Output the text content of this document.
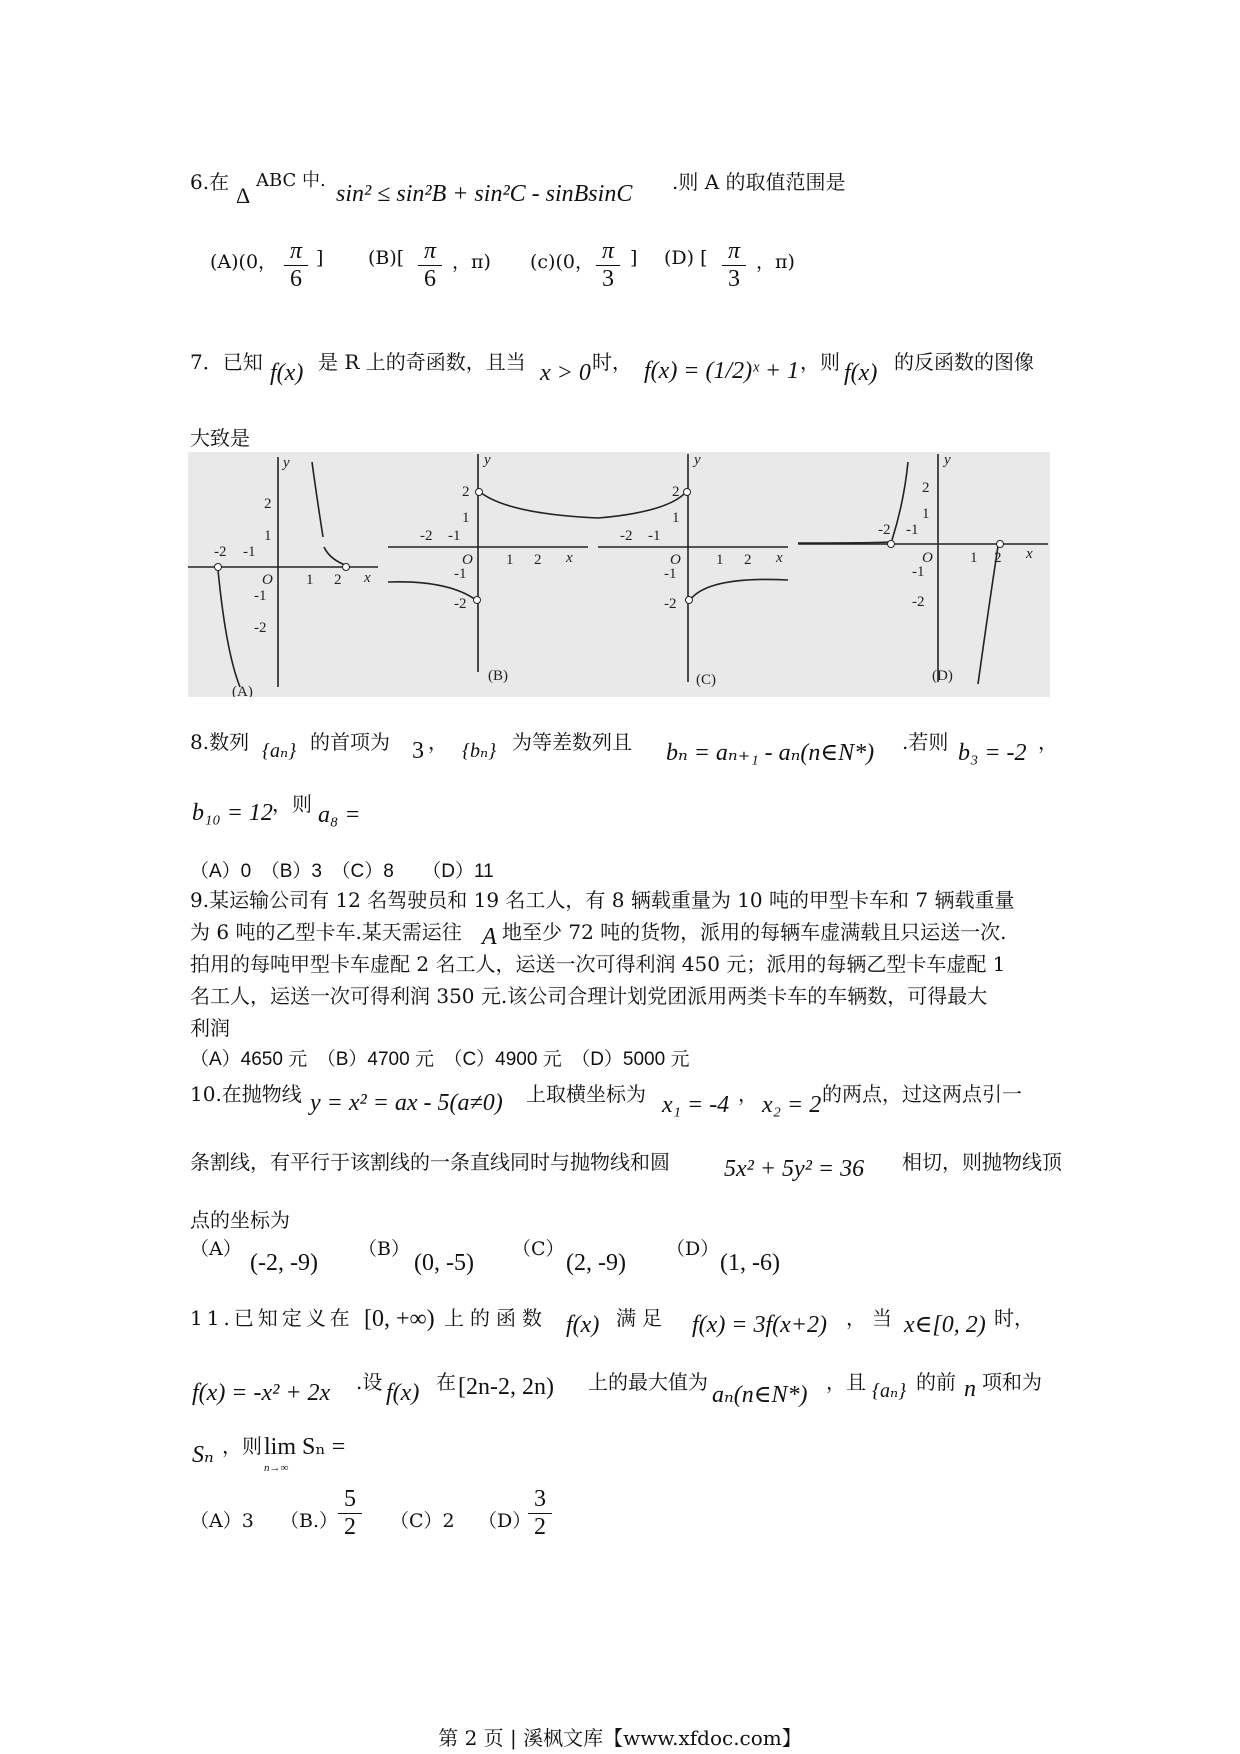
6.在
Δ
ABC 中.
sin² ≤ sin²B + sin²C - sinBsinC .则 A 的取值范围是
(A)(0， $\frac{\pi}{6}$ ] $(B)[ \frac{\pi}{6}$ ，π) (c)(0， $\frac{\pi}{3}$ ] (D) [ $\frac{\pi}{3}$ ，π)
7．已知 f(x) 是 R 上的奇函数，且当 x > 0 时， f(x) = (1/2)ˣ + 1 ，则 f(x) 的反函数的图像
大致是
-2 -1
O 1 2 x
y
2
1
-1
-2
(A)
-2 -1
O 1 2 x
y
2
1
-1
-2
(B)
-2 -1
O 1 2 x
y
2
1
-1
-2
(C)
-2 -1
O 1 2 x
y
2
1
-1
-2
(D)
8.数列 {aₙ} 的首项为 3 ， {bₙ} 为等差数列且 bₙ = aₙ₊₁ - aₙ(n∈N*) .若则 b₃ = -2 ，
b₁₀ = 12 ，则 a₈ =
（A）0　（B）3　（C）8　　（D）11
9.某运输公司有 12 名驾驶员和 19 名工人，有 8 辆载重量为 10 吨的甲型卡车和 7 辆载重量
为 6 吨的乙型卡车.某天需运往 A 地至少 72 吨的货物，派用的每辆车虚满载且只运送一次.
拍用的每吨甲型卡车虚配 2 名工人，运送一次可得利润 450 元；派用的每辆乙型卡车虚配 1
名工人，运送一次可得利润 350 元.该公司合理计划党团派用两类卡车的车辆数，可得最大
利润
（A）4650 元　（B）4700 元　（C）4900 元　（D）5000 元
10.在抛物线 y = x² = ax - 5(a≠0) 上取横坐标为 x₁ = -4 ， x₂ = 2 的两点，过这两点引一
条割线，有平行于该割线的一条直线同时与抛物线和圆 5x² + 5y² = 36 相切，则抛物线顶
点的坐标为
（A）
(-2, -9)
（B）
(0, -5)
（C）
(2, -9)
（D）
(1, -6)
11.已知定义在 [0, +∞) 上的函数 f(x) 满足 f(x) = 3f(x+2) ，当 x∈[0, 2) 时，
f(x) = -x² + 2x .设 f(x) 在 [2n-2, 2n) 上的最大值为 aₙ(n∈N*) ，且 {aₙ} 的前 n 项和为
Sₙ ，则 lim Sₙ =
n→∞
（A）3 $(B.) \frac{5}{2} (C)2$ （D）
$\frac{3}{2}$
第 2 页 | 溪枫文库【www.xfdoc.com】
